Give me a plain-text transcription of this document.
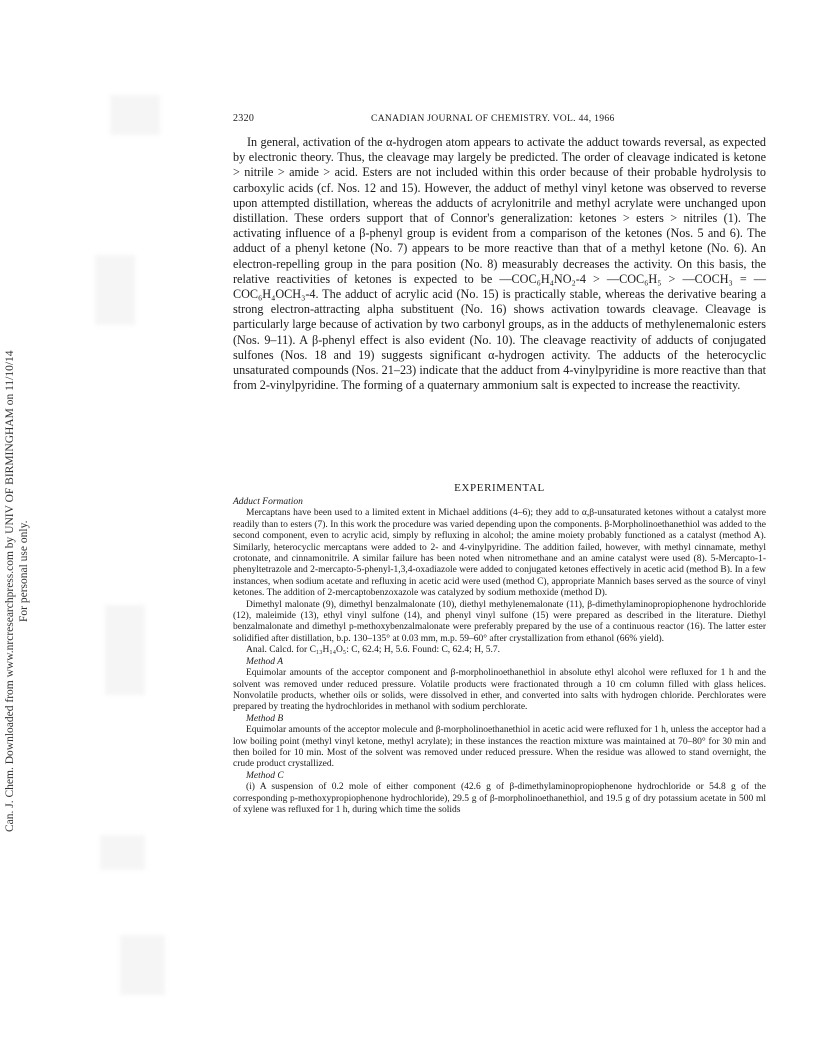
Can. J. Chem. Downloaded from www.nrcresearchpress.com by UNIV OF BIRMINGHAM on 11/10/14 For personal use only.
2320	CANADIAN JOURNAL OF CHEMISTRY. VOL. 44, 1966

In general, activation of the α-hydrogen atom appears to activate the adduct towards reversal, as expected by electronic theory. Thus, the cleavage may largely be predicted. The order of cleavage indicated is ketone > nitrile > amide > acid. Esters are not included within this order because of their probable hydrolysis to carboxylic acids (cf. Nos. 12 and 15). However, the adduct of methyl vinyl ketone was observed to reverse upon attempted distillation, whereas the adducts of acrylonitrile and methyl acrylate were unchanged upon distillation. These orders support that of Connor's generalization: ketones > esters > nitriles (1). The activating influence of a β-phenyl group is evident from a comparison of the ketones (Nos. 5 and 6). The adduct of a phenyl ketone (No. 7) appears to be more reactive than that of a methyl ketone (No. 6). An electron-repelling group in the para position (No. 8) measurably decreases the activity. On this basis, the relative reactivities of ketones is expected to be —COC₆H₄NO₂-4 > —COC₆H₅ > —COCH₃ = —COC₆H₄OCH₃-4. The adduct of acrylic acid (No. 15) is practically stable, whereas the derivative bearing a strong electron-attracting alpha substituent (No. 16) shows activation towards cleavage. Cleavage is particularly large because of activation by two carbonyl groups, as in the adducts of methylenemalonic esters (Nos. 9–11). A β-phenyl effect is also evident (No. 10). The cleavage reactivity of adducts of conjugated sulfones (Nos. 18 and 19) suggests significant α-hydrogen activity. The adducts of the heterocyclic unsaturated compounds (Nos. 21–23) indicate that the adduct from 4-vinylpyridine is more reactive than that from 2-vinylpyridine. The forming of a quaternary ammonium salt is expected to increase the reactivity.

EXPERIMENTAL

Adduct Formation

Mercaptans have been used to a limited extent in Michael additions (4–6); they add to α,β-unsaturated ketones without a catalyst more readily than to esters (7). In this work the procedure was varied depending upon the components. β-Morpholinoethanethiol was added to the second component, even to acrylic acid, simply by refluxing in alcohol; the amine moiety probably functioned as a catalyst (method A). Similarly, heterocyclic mercaptans were added to 2- and 4-vinylpyridine. The addition failed, however, with methyl cinnamate, methyl crotonate, and cinnamonitrile. A similar failure has been noted when nitromethane and an amine catalyst were used (8). 5-Mercapto-1-phenyltetrazole and 2-mercapto-5-phenyl-1,3,4-oxadiazole were added to conjugated ketones effectively in acetic acid (method B). In a few instances, when sodium acetate and refluxing in acetic acid were used (method C), appropriate Mannich bases served as the source of vinyl ketones. The addition of 2-mercaptobenzoxazole was catalyzed by sodium methoxide (method D).

Dimethyl malonate (9), dimethyl benzalmalonate (10), diethyl methylenemalonate (11), β-dimethylaminopropiophenone hydrochloride (12), maleimide (13), ethyl vinyl sulfone (14), and phenyl vinyl sulfone (15) were prepared as described in the literature. Diethyl benzalmalonate and dimethyl p-methoxybenzalmalonate were preferably prepared by the use of a continuous reactor (16). The latter ester solidified after distillation, b.p. 130–135° at 0.03 mm, m.p. 59–60° after crystallization from ethanol (66% yield).

Anal. Calcd. for C₁₃H₁₄O₅: C, 62.4; H, 5.6. Found: C, 62.4; H, 5.7.

Method A

Equimolar amounts of the acceptor component and β-morpholinoethanethiol in absolute ethyl alcohol were refluxed for 1 h and the solvent was removed under reduced pressure. Volatile products were fractionated through a 10 cm column filled with glass helices. Nonvolatile products, whether oils or solids, were dissolved in ether, and converted into salts with hydrogen chloride. Perchlorates were prepared by treating the hydrochlorides in methanol with sodium perchlorate.

Method B

Equimolar amounts of the acceptor molecule and β-morpholinoethanethiol in acetic acid were refluxed for 1 h, unless the acceptor had a low boiling point (methyl vinyl ketone, methyl acrylate); in these instances the reaction mixture was maintained at 70–80° for 30 min and then boiled for 10 min. Most of the solvent was removed under reduced pressure. When the residue was allowed to stand overnight, the crude product crystallized.

Method C

(i) A suspension of 0.2 mole of either component (42.6 g of β-dimethylaminopropiophenone hydrochloride or 54.8 g of the corresponding p-methoxypropiophenone hydrochloride), 29.5 g of β-morpholinoethanethiol, and 19.5 g of dry potassium acetate in 500 ml of xylene was refluxed for 1 h, during which time the solids
